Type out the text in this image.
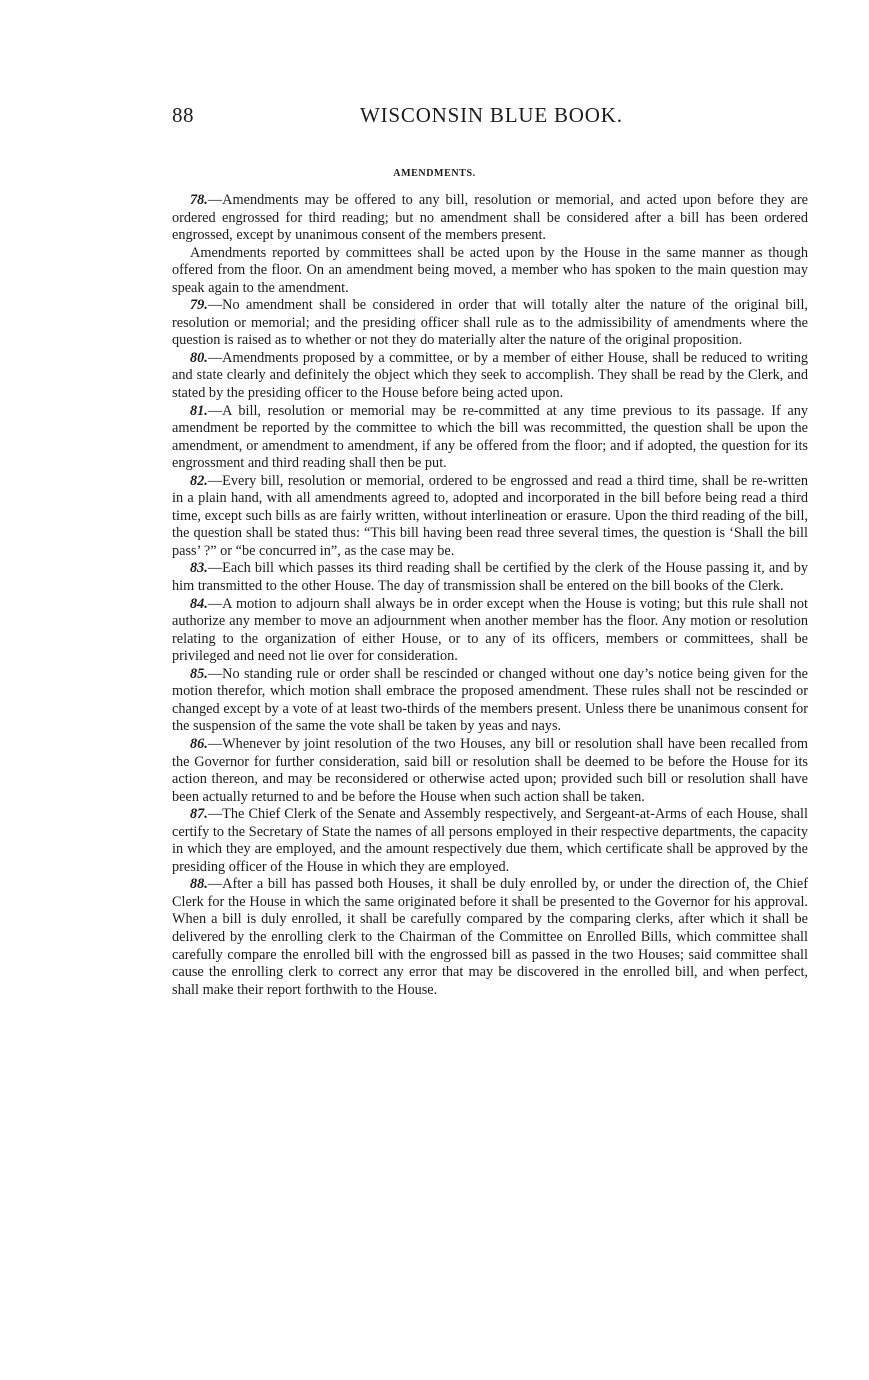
88	WISCONSIN BLUE BOOK.
AMENDMENTS.

78.—Amendments may be offered to any bill, resolution or memorial, and acted upon before they are ordered engrossed for third reading; but no amendment shall be considered after a bill has been ordered engrossed, except by unanimous consent of the members present.

Amendments reported by committees shall be acted upon by the House in the same manner as though offered from the floor. On an amendment being moved, a member who has spoken to the main question may speak again to the amendment.

79.—No amendment shall be considered in order that will totally alter the nature of the original bill, resolution or memorial; and the presiding officer shall rule as to the admissibility of amendments where the question is raised as to whether or not they do materially alter the nature of the original proposition.

80.—Amendments proposed by a committee, or by a member of either House, shall be reduced to writing and state clearly and definitely the object which they seek to accomplish. They shall be read by the Clerk, and stated by the presiding officer to the House before being acted upon.

81.—A bill, resolution or memorial may be re-committed at any time previous to its passage. If any amendment be reported by the committee to which the bill was recommitted, the question shall be upon the amendment, or amendment to amendment, if any be offered from the floor; and if adopted, the question for its engrossment and third reading shall then be put.

82.—Every bill, resolution or memorial, ordered to be engrossed and read a third time, shall be re-written in a plain hand, with all amendments agreed to, adopted and incorporated in the bill before being read a third time, except such bills as are fairly written, without interlineation or erasure. Upon the third reading of the bill, the question shall be stated thus: “This bill having been read three several times, the question is ‘Shall the bill pass’ ?” or “be concurred in”, as the case may be.

83.—Each bill which passes its third reading shall be certified by the clerk of the House passing it, and by him transmitted to the other House. The day of transmission shall be entered on the bill books of the Clerk.

84.—A motion to adjourn shall always be in order except when the House is voting; but this rule shall not authorize any member to move an adjournment when another member has the floor. Any motion or resolution relating to the organization of either House, or to any of its officers, members or committees, shall be privileged and need not lie over for consideration.

85.—No standing rule or order shall be rescinded or changed without one day’s notice being given for the motion therefor, which motion shall embrace the proposed amendment. These rules shall not be rescinded or changed except by a vote of at least two-thirds of the members present. Unless there be unanimous consent for the suspension of the same the vote shall be taken by yeas and nays.

86.—Whenever by joint resolution of the two Houses, any bill or resolution shall have been recalled from the Governor for further consideration, said bill or resolution shall be deemed to be before the House for its action thereon, and may be reconsidered or otherwise acted upon; provided such bill or resolution shall have been actually returned to and be before the House when such action shall be taken.

87.—The Chief Clerk of the Senate and Assembly respectively, and Sergeant-at-Arms of each House, shall certify to the Secretary of State the names of all persons employed in their respective departments, the capacity in which they are employed, and the amount respectively due them, which certificate shall be approved by the presiding officer of the House in which they are employed.

88.—After a bill has passed both Houses, it shall be duly enrolled by, or under the direction of, the Chief Clerk for the House in which the same originated before it shall be presented to the Governor for his approval. When a bill is duly enrolled, it shall be carefully compared by the comparing clerks, after which it shall be delivered by the enrolling clerk to the Chairman of the Committee on Enrolled Bills, which committee shall carefully compare the enrolled bill with the engrossed bill as passed in the two Houses; said committee shall cause the enrolling clerk to correct any error that may be discovered in the enrolled bill, and when perfect, shall make their report forthwith to the House.
